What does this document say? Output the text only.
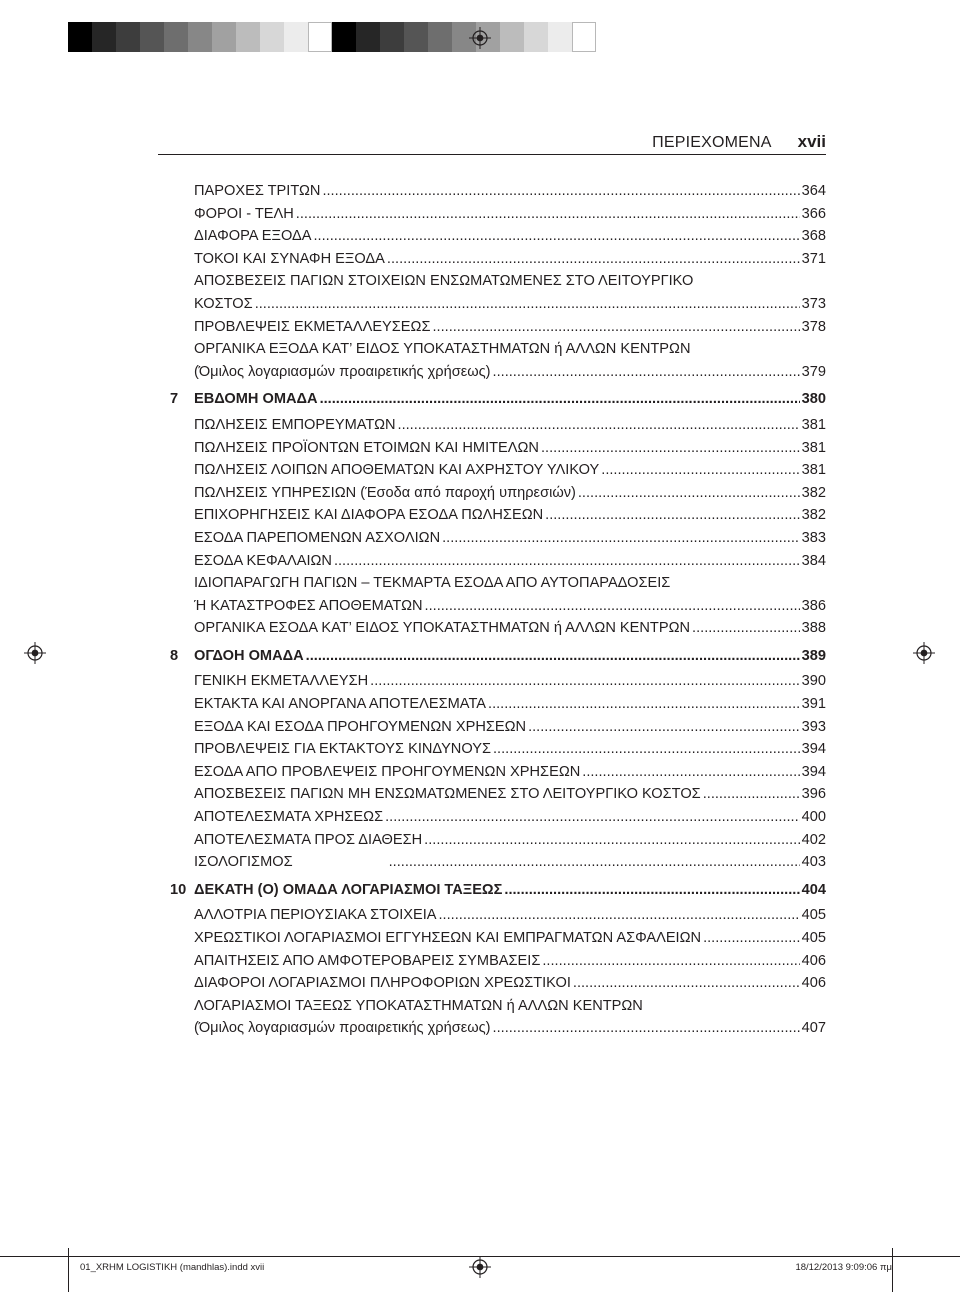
ΠΕΡΙΕΧΟΜΕΝΑ xvii
ΠΑΡΟΧΕΣ ΤΡΙΤΩΝ .....	364
ΦΟΡΟΙ - ΤΕΛΗ .....	366
ΔΙΑΦΟΡΑ ΕΞΟΔΑ .....	368
ΤΟΚΟΙ ΚΑΙ ΣΥΝΑΦΗ ΕΞΟΔΑ .....	371
ΑΠΟΣΒΕΣΕΙΣ ΠΑΓΙΩΝ ΣΤΟΙΧΕΙΩΝ ΕΝΣΩΜΑΤΩΜΕΝΕΣ ΣΤΟ ΛΕΙΤΟΥΡΓΙΚΟ
ΚΟΣΤΟΣ .....	373
ΠΡΟΒΛΕΨΕΙΣ ΕΚΜΕΤΑΛΛΕΥΣΕΩΣ .....	378
ΟΡΓΑΝΙΚΑ ΕΞΟΔΑ ΚΑΤ’ ΕΙΔΟΣ ΥΠΟΚΑΤΑΣΤΗΜΑΤΩΝ ή ΑΛΛΩΝ ΚΕΝΤΡΩΝ
(Όμιλος λογαριασμών προαιρετικής χρήσεως) .....	379
7	ΕΒΔΟΜΗ ΟΜΑΔΑ .....	380
ΠΩΛΗΣΕΙΣ ΕΜΠΟΡΕΥΜΑΤΩΝ .....	381
ΠΩΛΗΣΕΙΣ ΠΡΟΪΟΝΤΩΝ ΕΤΟΙΜΩΝ ΚΑΙ ΗΜΙΤΕΛΩΝ .....	381
ΠΩΛΗΣΕΙΣ ΛΟΙΠΩΝ ΑΠΟΘΕΜΑΤΩΝ ΚΑΙ ΑΧΡΗΣΤΟΥ ΥΛΙΚΟΥ .....	381
ΠΩΛΗΣΕΙΣ ΥΠΗΡΕΣΙΩΝ (Έσοδα από παροχή υπηρεσιών) .....	382
ΕΠΙΧΟΡΗΓΗΣΕΙΣ ΚΑΙ ΔΙΑΦΟΡΑ ΕΣΟΔΑ ΠΩΛΗΣΕΩΝ .....	382
ΕΣΟΔΑ ΠΑΡΕΠΟΜΕΝΩΝ ΑΣΧΟΛΙΩΝ .....	383
ΕΣΟΔΑ ΚΕΦΑΛΑΙΩΝ .....	384
ΙΔΙΟΠΑΡΑΓΩΓΗ ΠΑΓΙΩΝ – ΤΕΚΜΑΡΤΑ ΕΣΟΔΑ ΑΠΟ ΑΥΤΟΠΑΡΑΔΟΣΕΙΣ
Ή ΚΑΤΑΣΤΡΟΦΕΣ ΑΠΟΘΕΜΑΤΩΝ .....	386
ΟΡΓΑΝΙΚΑ ΕΣΟΔΑ ΚΑΤ’ ΕΙΔΟΣ ΥΠΟΚΑΤΑΣΤΗΜΑΤΩΝ ή ΑΛΛΩΝ ΚΕΝΤΡΩΝ .....	388
8	ΟΓΔΟΗ ΟΜΑΔΑ .....	389
ΓΕΝΙΚΗ ΕΚΜΕΤΑΛΛΕΥΣΗ .....	390
ΕΚΤΑΚΤΑ ΚΑΙ ΑΝΟΡΓΑΝΑ ΑΠΟΤΕΛΕΣΜΑΤΑ .....	391
ΕΞΟΔΑ ΚΑΙ ΕΣΟΔΑ ΠΡΟΗΓΟΥΜΕΝΩΝ ΧΡΗΣΕΩΝ .....	393
ΠΡΟΒΛΕΨΕΙΣ ΓΙΑ ΕΚΤΑΚΤΟΥΣ ΚΙΝΔΥΝΟΥΣ .....	394
ΕΣΟΔΑ ΑΠΟ ΠΡΟΒΛΕΨΕΙΣ ΠΡΟΗΓΟΥΜΕΝΩΝ ΧΡΗΣΕΩΝ .....	394
ΑΠΟΣΒΕΣΕΙΣ ΠΑΓΙΩΝ ΜΗ ΕΝΣΩΜΑΤΩΜΕΝΕΣ ΣΤΟ ΛΕΙΤΟΥΡΓΙΚΟ ΚΟΣΤΟΣ .....	396
ΑΠΟΤΕΛΕΣΜΑΤΑ ΧΡΗΣΕΩΣ .....	400
ΑΠΟΤΕΛΕΣΜΑΤΑ ΠΡΟΣ ΔΙΑΘΕΣΗ .....	402
ΙΣΟΛΟΓΙΣΜΟΣ .....	403
10 ΔΕΚΑΤΗ (Ο) ΟΜΑΔΑ ΛΟΓΑΡΙΑΣΜΟΙ ΤΑΞΕΩΣ .....	404
ΑΛΛΟΤΡΙΑ ΠΕΡΙΟΥΣΙΑΚΑ ΣΤΟΙΧΕΙΑ .....	405
ΧΡΕΩΣΤΙΚΟΙ ΛΟΓΑΡΙΑΣΜΟΙ ΕΓΓΥΗΣΕΩΝ ΚΑΙ ΕΜΠΡΑΓΜΑΤΩΝ ΑΣΦΑΛΕΙΩΝ .....	405
ΑΠΑΙΤΗΣΕΙΣ ΑΠΟ ΑΜΦΟΤΕΡΟΒΑΡΕΙΣ ΣΥΜΒΑΣΕΙΣ .....	406
ΔΙΑΦΟΡΟΙ ΛΟΓΑΡΙΑΣΜΟΙ ΠΛΗΡΟΦΟΡΙΩΝ ΧΡΕΩΣΤΙΚΟΙ .....	406
ΛΟΓΑΡΙΑΣΜΟΙ ΤΑΞΕΩΣ ΥΠΟΚΑΤΑΣΤΗΜΑΤΩΝ ή ΑΛΛΩΝ ΚΕΝΤΡΩΝ
(Όμιλος λογαριασμών προαιρετικής χρήσεως) .....	407
01_XRHM LOGISTIKH (mandhlas).indd xvii	18/12/2013 9:09:06 πμ
